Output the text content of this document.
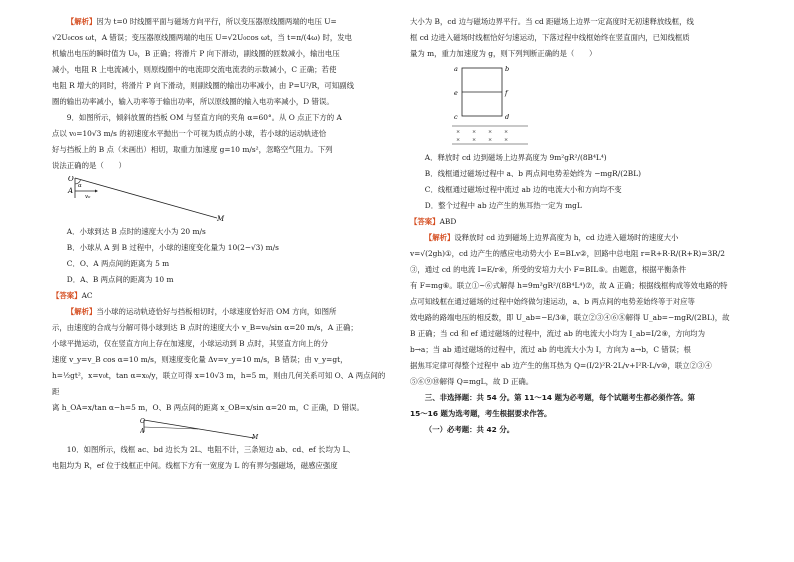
【解析】因为 t=0 时线圈平面与磁场方向平行，所以变压器原线圈两端的电压 U=

√2U₀cos ωt，A 错误；变压器原线圈两端的电压 U=√2U₀cos ωt，当 t=π/(4ω) 时，发电

机输出电压的瞬时值为 U₀，B 正确；将滑片 P 向下滑动，副线圈的匝数减小，输出电压

减小，电阻 R 上电流减小，则原线圈中的电流即交流电流表的示数减小，C 正确；若使

电阻 R 增大的同时，将滑片 P 向下滑动，则副线圈的输出功率减小，由 P=U²/R，可知副线

圈的输出功率减小，输入功率等于输出功率，所以原线圈的输入电功率减小，D 错误。

9．如图所示，倾斜放置的挡板 OM 与竖直方向的夹角 α=60°。从 O 点正下方的 A

点以 v₀=10√3 m/s 的初速度水平抛出一个可视为质点的小球，若小球的运动轨迹恰

好与挡板上的 B 点（未画出）相切，取重力加速度 g=10 m/s²，忽略空气阻力。下列

说法正确的是（　　）

O
A
α
v₀
M

A．小球到达 B 点时的速度大小为 20 m/s

B．小球从 A 到 B 过程中，小球的速度变化量为 10(2−√3) m/s

C．O、A 两点间的距离为 5 m

D．A、B 两点间的距离为 10 m

【答案】AC

【解析】当小球的运动轨迹恰好与挡板相切时，小球速度恰好沿 OM 方向，如图所

示，由速度的合成与分解可得小球到达 B 点时的速度大小 v_B=v₀/sin α=20 m/s，A 正确；

小球平抛运动，仅在竖直方向上存在加速度，小球运动到 B 点时，其竖直方向上的分

速度 v_y=v_B cos α=10 m/s，则速度变化量 Δv=v_y=10 m/s，B 错误；由 v_y=gt，

h=½gt²，x=v₀t，tan α=x₀/y，联立可得 x=10√3 m，h=5 m，则由几何关系可知 O、A 两点间的距

离 h_OA=x/tan α−h=5 m，O、B 两点间的距离 x_OB=x/sin α=20 m，C 正确，D 错误。

O
A
M

10．如图所示，线框 ac、bd 边长为 2L、电阻不计，三条短边 ab、cd、ef 长均为 L、

电阻均为 R，ef 位于线框正中间。线框下方有一宽度为 L 的有界匀强磁场，磁感应强度

大小为 B，cd 边与磁场边界平行。当 cd 距磁场上边界一定高度时无初速释放线框，线

框 cd 边进入磁场时线框恰好匀速运动，下落过程中线框始终在竖直面内，已知线框质

量为 m，重力加速度为 g，则下列判断正确的是（　　）

a	b
e	f
c	d
× × × ×
× × × ×

A．释放时 cd 边到磁场上边界高度为 9m²gR²/(8B⁴L⁴)

B．线框通过磁场过程中 a、b 两点间电势差始终为 −mgR/(2BL)

C．线框通过磁场过程中流过 ab 边的电流大小和方向均不变

D．整个过程中 ab 边产生的焦耳热一定为 mgL

【答案】ABD

【解析】设释放时 cd 边到磁场上边界高度为 h，cd 边进入磁场时的速度大小

v=√(2gh)①，cd 边产生的感应电动势大小 E=BLv②，回路中总电阻 r=R+R·R/(R+R)=3R/2

③，通过 cd 的电流 I=E/r④，所受的安培力大小 F=BIL⑤。由题意，根据平衡条件

有 F=mg⑥。联立①~⑥式解得 h=9m²gR²/(8B⁴L⁴)⑦，故 A 正确；根据线框构成等效电路的特

点可知线框在通过磁场的过程中始终做匀速运动，a、b 两点间的电势差始终等于对应等

效电路的路端电压的相反数，即 U_ab=−E/3⑧，联立②③④⑥⑧解得 U_ab=−mgR/(2BL)，故

B 正确；当 cd 和 ef 通过磁场的过程中，流过 ab 的电流大小均为 I_ab=I/2⑨，方向均为

b→a；当 ab 通过磁场的过程中，流过 ab 的电流大小为 I，方向为 a→b，C 错误；根

据焦耳定律可得整个过程中 ab 边产生的焦耳热为 Q=(I/2)²R·2L/v+I²R·L/v⑩，联立②③④

⑤⑥⑨⑩解得 Q=mgL，故 D 正确。

三、非选择题：共 54 分。第 11～14 题为必考题，每个试题考生都必须作答。第

15～16 题为选考题，考生根据要求作答。

（一）必考题：共 42 分。
